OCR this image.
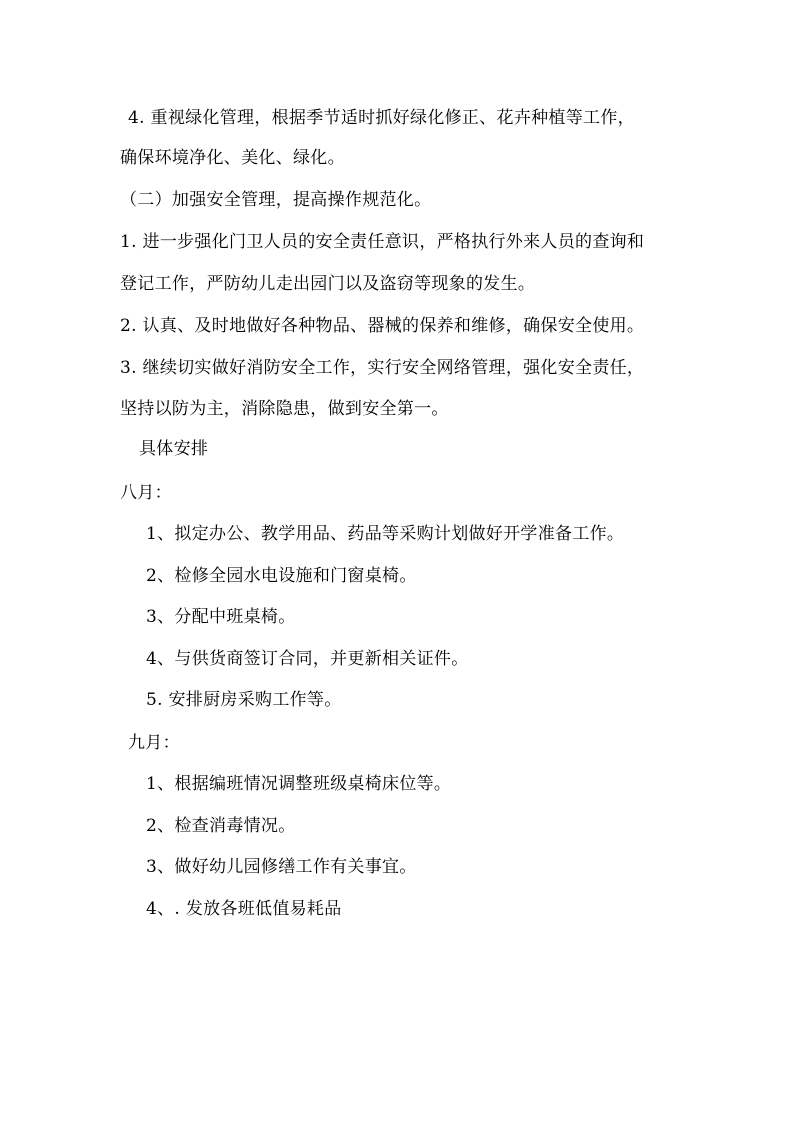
4. 重视绿化管理，根据季节适时抓好绿化修正、花卉种植等工作，
确保环境净化、美化、绿化。
（二）加强安全管理，提高操作规范化。
1. 进一步强化门卫人员的安全责任意识，严格执行外来人员的查询和
登记工作，严防幼儿走出园门以及盗窃等现象的发生。
2. 认真、及时地做好各种物品、器械的保养和维修，确保安全使用。
3. 继续切实做好消防安全工作，实行安全网络管理，强化安全责任，
坚持以防为主，消除隐患，做到安全第一。
具体安排
八月：
1、拟定办公、教学用品、药品等采购计划做好开学准备工作。
2、检修全园水电设施和门窗桌椅。
3、分配中班桌椅。
4、与供货商签订合同，并更新相关证件。
5. 安排厨房采购工作等。
九月：
1、根据编班情况调整班级桌椅床位等。
2、检查消毒情况。
3、做好幼儿园修缮工作有关事宜。
4、. 发放各班低值易耗品
